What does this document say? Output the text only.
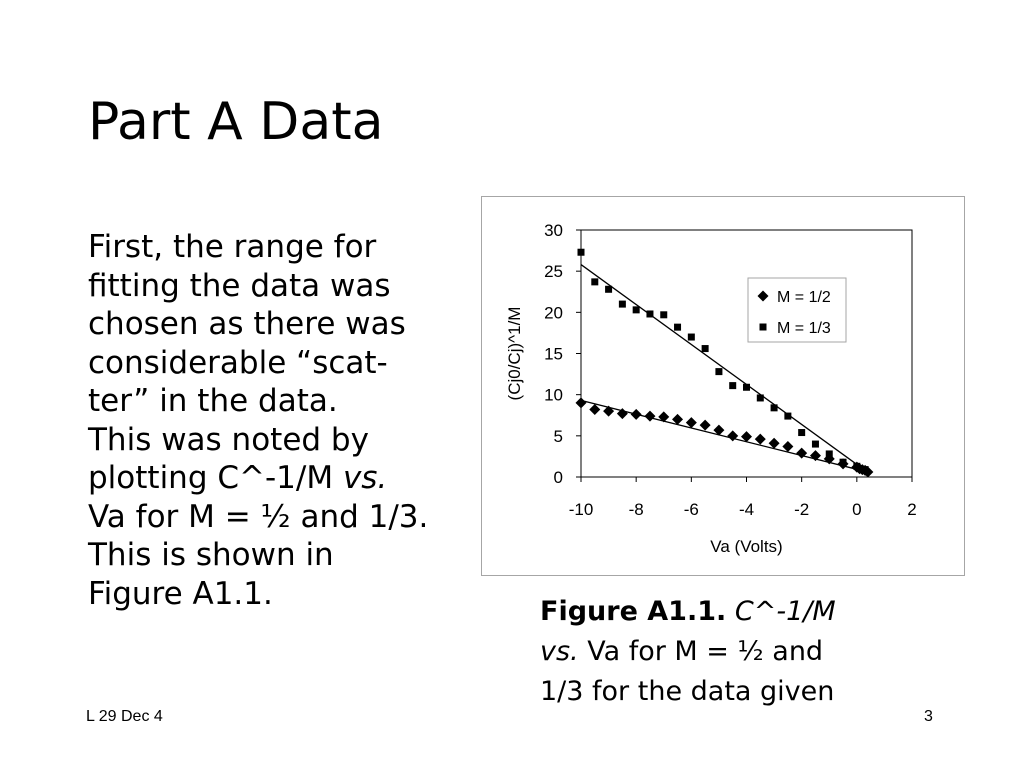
Part A Data
First, the range for
fitting the data was
chosen as there was
considerable “scat-
ter” in the data.
This was noted by
plotting C^-1/M vs.
Va for M = ½ and 1/3.
This is shown in
Figure A1.1.
-10 -8 -6 -4 -2	0	2
0
5
10
15
20
25
30
Va (Volts)
(Cj0/Cj)^1/M
M = 1/2
M = 1/3
Figure A1.1. C^-1/M
vs. Va for M = ½ and
1/3 for the data given
L 29 Dec 4	3
